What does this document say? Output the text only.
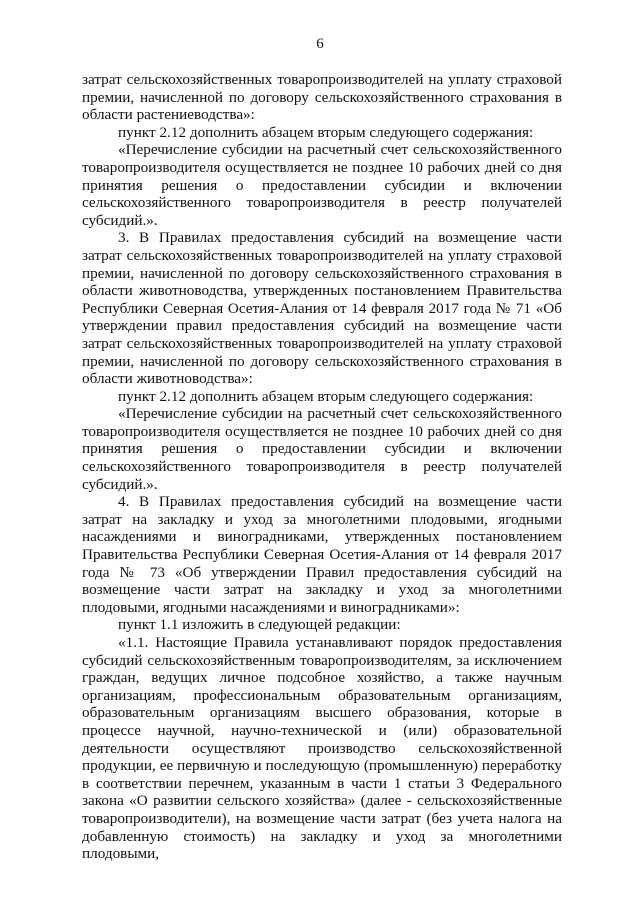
6

затрат сельскохозяйственных товаропроизводителей на уплату страховой премии, начисленной по договору сельскохозяйственного страхования в области растениеводства»:

пункт 2.12 дополнить абзацем вторым следующего содержания:

«Перечисление субсидии на расчетный счет сельскохозяйственного товаропроизводителя осуществляется не позднее 10 рабочих дней со дня принятия решения о предоставлении субсидии и включении сельскохозяйственного товаропроизводителя в реестр получателей субсидий.».

3. В Правилах предоставления субсидий на возмещение части затрат сельскохозяйственных товаропроизводителей на уплату страховой премии, начисленной по договору сельскохозяйственного страхования в области животноводства, утвержденных постановлением Правительства Республики Северная Осетия-Алания от 14 февраля 2017 года № 71 «Об утверждении правил предоставления субсидий на возмещение части затрат сельскохозяйственных товаропроизводителей на уплату страховой премии, начисленной по договору сельскохозяйственного страхования в области животноводства»:

пункт 2.12 дополнить абзацем вторым следующего содержания:

«Перечисление субсидии на расчетный счет сельскохозяйственного товаропроизводителя осуществляется не позднее 10 рабочих дней со дня принятия решения о предоставлении субсидии и включении сельскохозяйственного товаропроизводителя в реестр получателей субсидий.».

4. В Правилах предоставления субсидий на возмещение части затрат на закладку и уход за многолетними плодовыми, ягодными насаждениями и виноградниками, утвержденных постановлением Правительства Республики Северная Осетия-Алания от 14 февраля 2017 года № 73 «Об утверждении Правил предоставления субсидий на возмещение части затрат на закладку и уход за многолетними плодовыми, ягодными насаждениями и виноградниками»:

пункт 1.1 изложить в следующей редакции:

«1.1. Настоящие Правила устанавливают порядок предоставления субсидий сельскохозяйственным товаропроизводителям, за исключением граждан, ведущих личное подсобное хозяйство, а также научным организациям, профессиональным образовательным организациям, образовательным организациям высшего образования, которые в процессе научной, научно-технической и (или) образовательной деятельности осуществляют производство сельскохозяйственной продукции, ее первичную и последующую (промышленную) переработку в соответствии перечнем, указанным в части 1 статьи 3 Федерального закона «О развитии сельского хозяйства» (далее - сельскохозяйственные товаропроизводители), на возмещение части затрат (без учета налога на добавленную стоимость) на закладку и уход за многолетними плодовыми,
